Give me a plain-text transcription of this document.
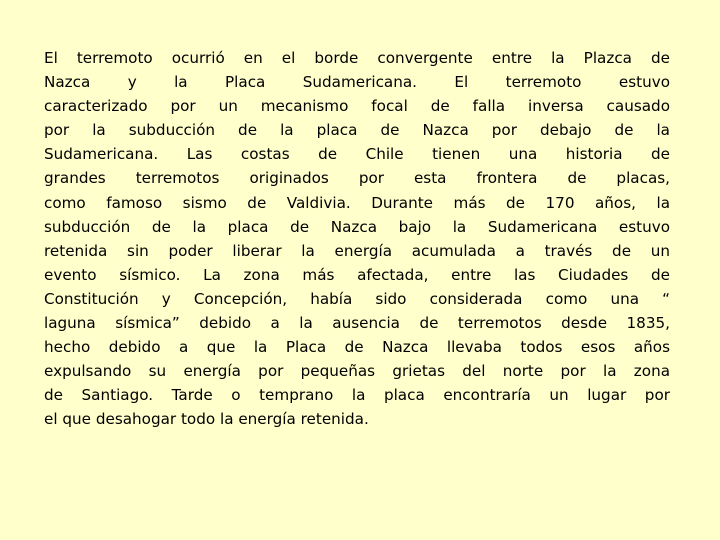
El terremoto ocurrió en el borde convergente entre la Plazca de
Nazca y la Placa Sudamericana. El terremoto estuvo
caracterizado por un mecanismo focal de falla inversa causado
por la subducción de la placa de Nazca por debajo de la
Sudamericana. Las costas de Chile tienen una historia de
grandes terremotos originados por esta frontera de placas,
como famoso sismo de Valdivia. Durante más de 170 años, la
subducción de la placa de Nazca bajo la Sudamericana estuvo
retenida sin poder liberar la energía acumulada a través de un
evento sísmico. La zona más afectada, entre las Ciudades de
Constitución y Concepción, había sido considerada como una “
laguna sísmica” debido a la ausencia de terremotos desde 1835,
hecho debido a que la Placa de Nazca llevaba todos esos años
expulsando su energía por pequeñas grietas del norte por la zona
de Santiago. Tarde o temprano la placa encontraría un lugar por
el que desahogar todo la energía retenida.
